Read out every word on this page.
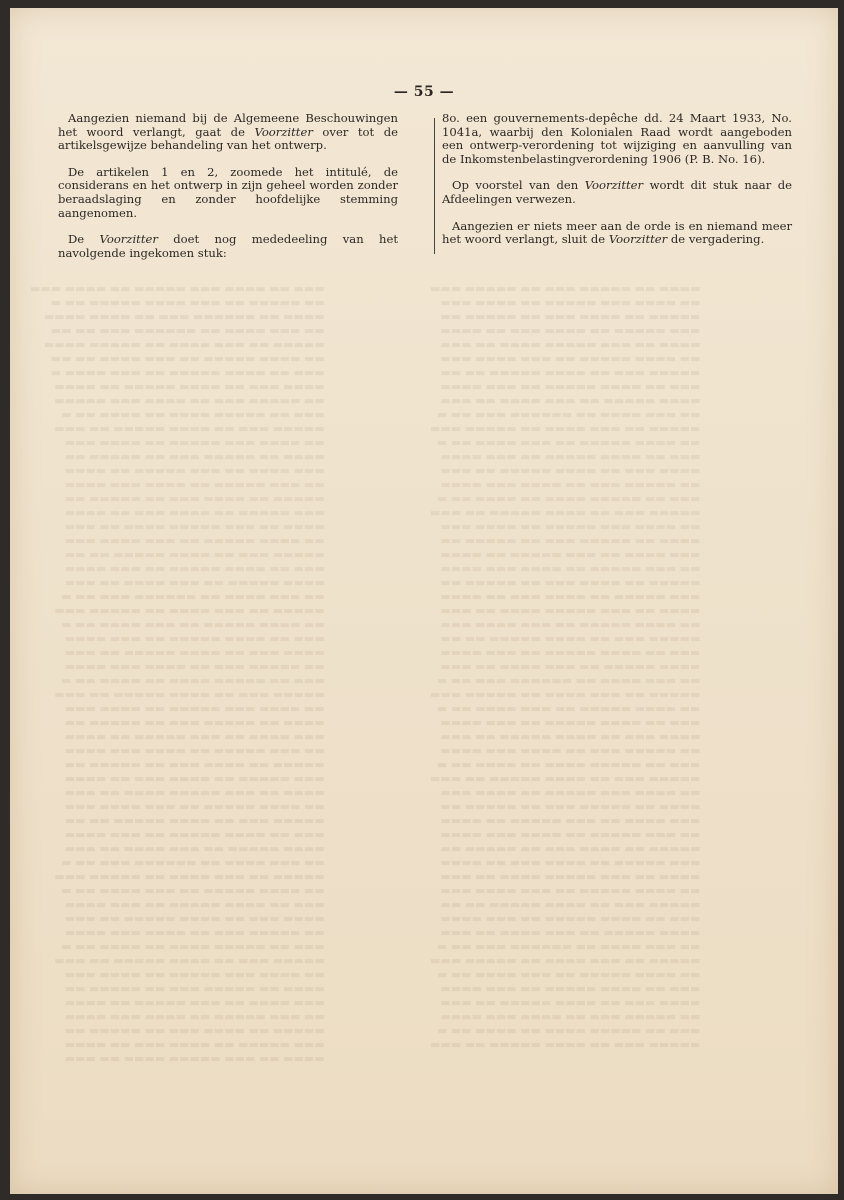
▬▬▬ ▬▬ ▬▬▬▬ ▬▬▬ ▬▬▬▬▬ ▬▬ ▬▬▬▬ ▬▬▬
▬▬ ▬▬▬▬▬ ▬▬ ▬▬▬ ▬▬▬▬ ▬▬▬▬▬ ▬▬ ▬
▬▬▬▬ ▬▬ ▬▬▬▬▬▬ ▬▬▬ ▬▬ ▬▬▬▬ ▬▬▬▬
▬▬ ▬▬▬ ▬▬▬▬ ▬▬ ▬▬▬▬▬▬ ▬▬▬ ▬▬ ▬▬
▬▬▬▬▬ ▬▬ ▬▬▬ ▬▬▬▬ ▬▬ ▬▬▬▬▬ ▬▬▬▬
▬▬ ▬▬▬▬ ▬▬▬▬▬ ▬▬ ▬▬▬ ▬▬▬▬ ▬▬ ▬▬
▬▬▬ ▬▬ ▬▬▬▬ ▬▬▬▬▬ ▬▬ ▬▬▬ ▬▬▬▬ ▬
▬▬▬▬ ▬▬▬ ▬▬ ▬▬▬▬ ▬▬▬▬▬ ▬▬ ▬▬▬▬
▬▬ ▬▬▬▬▬ ▬▬▬ ▬▬ ▬▬▬▬ ▬▬▬ ▬▬▬▬▬
▬▬▬ ▬▬ ▬▬▬▬▬ ▬▬▬▬ ▬▬ ▬▬▬▬ ▬▬ ▬
▬▬▬▬▬ ▬▬▬ ▬▬ ▬▬▬▬ ▬▬▬▬▬ ▬▬ ▬▬▬
▬▬ ▬▬▬▬ ▬▬▬ ▬▬▬▬▬ ▬▬ ▬▬▬▬ ▬▬▬
▬▬▬▬ ▬▬ ▬▬▬▬▬ ▬▬▬ ▬▬ ▬▬▬▬▬ ▬▬
▬▬▬ ▬▬▬▬ ▬▬ ▬▬▬ ▬▬▬▬▬ ▬▬ ▬▬▬▬
▬▬ ▬▬▬ ▬▬▬▬▬ ▬▬ ▬▬▬▬ ▬▬▬ ▬▬▬▬
▬▬▬▬▬ ▬▬ ▬▬▬▬ ▬▬▬ ▬▬ ▬▬▬▬▬ ▬▬
▬▬▬ ▬▬▬▬▬ ▬▬ ▬▬▬▬ ▬▬▬ ▬▬ ▬▬▬▬
▬▬▬▬ ▬▬ ▬▬▬ ▬▬▬▬▬ ▬▬▬▬ ▬▬ ▬▬▬
▬▬ ▬▬▬▬ ▬▬▬▬▬ ▬▬ ▬▬▬ ▬▬▬▬ ▬▬▬
▬▬▬▬▬ ▬▬▬ ▬▬ ▬▬▬▬ ▬▬▬▬▬ ▬▬ ▬▬
▬▬▬ ▬▬ ▬▬▬▬ ▬▬▬▬▬ ▬▬ ▬▬▬ ▬▬▬▬
▬▬▬▬ ▬▬▬▬▬ ▬▬ ▬▬▬ ▬▬▬▬ ▬▬ ▬▬▬
▬▬ ▬▬▬ ▬▬▬▬ ▬▬ ▬▬▬▬▬▬ ▬▬▬ ▬▬ ▬
▬▬▬▬▬ ▬▬ ▬▬▬ ▬▬▬▬ ▬▬ ▬▬▬▬▬ ▬▬▬
▬▬ ▬▬▬▬ ▬▬▬▬▬ ▬▬ ▬▬▬ ▬▬▬▬ ▬▬ ▬
▬▬▬ ▬▬ ▬▬▬▬ ▬▬▬▬▬ ▬▬ ▬▬▬ ▬▬▬▬
▬▬▬▬ ▬▬▬ ▬▬ ▬▬▬▬ ▬▬▬▬▬ ▬▬ ▬▬▬
▬▬ ▬▬▬▬▬ ▬▬▬ ▬▬ ▬▬▬▬ ▬▬▬ ▬▬▬▬
▬▬▬ ▬▬ ▬▬▬▬▬ ▬▬▬▬ ▬▬ ▬▬▬▬ ▬▬ ▬
▬▬▬▬▬ ▬▬▬ ▬▬ ▬▬▬▬ ▬▬▬▬▬ ▬▬ ▬▬▬
▬▬ ▬▬▬▬ ▬▬▬ ▬▬▬▬▬ ▬▬ ▬▬▬▬ ▬▬▬
▬▬▬▬ ▬▬ ▬▬▬▬▬ ▬▬▬ ▬▬ ▬▬▬▬▬ ▬▬
▬▬▬ ▬▬▬▬ ▬▬ ▬▬▬ ▬▬▬▬▬ ▬▬ ▬▬▬▬
▬▬ ▬▬▬ ▬▬▬▬▬ ▬▬ ▬▬▬▬ ▬▬▬ ▬▬▬▬
▬▬▬▬▬ ▬▬ ▬▬▬▬ ▬▬▬ ▬▬ ▬▬▬▬▬ ▬▬
▬▬▬ ▬▬▬▬▬ ▬▬ ▬▬▬▬ ▬▬▬ ▬▬ ▬▬▬▬
▬▬▬▬ ▬▬ ▬▬▬ ▬▬▬▬▬ ▬▬▬▬ ▬▬ ▬▬▬
▬▬ ▬▬▬▬ ▬▬▬▬▬ ▬▬ ▬▬▬ ▬▬▬▬ ▬▬▬
▬▬▬▬▬ ▬▬▬ ▬▬ ▬▬▬▬ ▬▬▬▬▬ ▬▬ ▬▬
▬▬▬ ▬▬ ▬▬▬▬ ▬▬▬▬▬ ▬▬ ▬▬▬ ▬▬▬▬
▬▬▬▬ ▬▬▬▬▬ ▬▬ ▬▬▬ ▬▬▬▬ ▬▬ ▬▬▬
▬▬ ▬▬▬ ▬▬▬▬ ▬▬ ▬▬▬▬▬▬ ▬▬▬ ▬▬ ▬
▬▬▬▬▬ ▬▬ ▬▬▬ ▬▬▬▬ ▬▬ ▬▬▬▬▬ ▬▬▬
▬▬ ▬▬▬▬ ▬▬▬▬▬ ▬▬ ▬▬▬ ▬▬▬▬ ▬▬ ▬
▬▬▬ ▬▬ ▬▬▬▬ ▬▬▬▬▬ ▬▬ ▬▬▬ ▬▬▬▬
▬▬▬▬ ▬▬▬ ▬▬ ▬▬▬▬ ▬▬▬▬▬ ▬▬ ▬▬▬
▬▬ ▬▬▬▬▬ ▬▬▬ ▬▬ ▬▬▬▬ ▬▬▬ ▬▬▬▬
▬▬▬ ▬▬ ▬▬▬▬▬ ▬▬▬▬ ▬▬ ▬▬▬▬ ▬▬ ▬
▬▬▬▬▬ ▬▬▬ ▬▬ ▬▬▬▬ ▬▬▬▬▬ ▬▬ ▬▬▬
▬▬ ▬▬▬▬ ▬▬▬ ▬▬▬▬▬ ▬▬ ▬▬▬▬ ▬▬▬
▬▬▬▬ ▬▬ ▬▬▬▬▬ ▬▬▬ ▬▬ ▬▬▬▬▬ ▬▬
▬▬▬ ▬▬▬▬ ▬▬ ▬▬▬ ▬▬▬▬▬ ▬▬ ▬▬▬▬
▬▬ ▬▬▬ ▬▬▬▬▬ ▬▬ ▬▬▬▬ ▬▬▬ ▬▬▬▬
▬▬▬▬▬ ▬▬ ▬▬▬▬ ▬▬▬ ▬▬ ▬▬▬▬▬ ▬▬
▬▬▬ ▬▬▬▬▬ ▬▬ ▬▬▬▬ ▬▬▬ ▬▬ ▬▬▬▬
▬▬▬▬ ▬▬ ▬▬▬ ▬▬▬▬▬ ▬▬▬▬ ▬▬ ▬▬▬

▬▬▬▬ ▬▬ ▬▬▬▬▬ ▬▬▬ ▬▬ ▬▬▬▬▬ ▬▬▬
▬▬ ▬▬▬▬ ▬▬▬ ▬▬▬▬▬ ▬▬ ▬▬▬▬ ▬▬▬
▬▬▬▬▬ ▬▬ ▬▬▬▬ ▬▬▬ ▬▬ ▬▬▬▬▬ ▬▬
▬▬▬ ▬▬▬▬▬ ▬▬ ▬▬▬▬ ▬▬▬ ▬▬ ▬▬▬▬
▬▬▬▬ ▬▬ ▬▬▬ ▬▬▬▬▬ ▬▬▬▬ ▬▬ ▬▬▬
▬▬ ▬▬▬▬ ▬▬▬▬▬ ▬▬ ▬▬▬ ▬▬▬▬ ▬▬▬
▬▬▬▬▬ ▬▬▬ ▬▬ ▬▬▬▬ ▬▬▬▬▬ ▬▬ ▬▬
▬▬▬ ▬▬ ▬▬▬▬ ▬▬▬▬▬ ▬▬ ▬▬▬ ▬▬▬▬
▬▬▬▬ ▬▬▬▬▬ ▬▬ ▬▬▬ ▬▬▬▬ ▬▬ ▬▬▬
▬▬ ▬▬▬ ▬▬▬▬ ▬▬ ▬▬▬▬▬▬ ▬▬▬ ▬▬ ▬
▬▬▬▬▬ ▬▬ ▬▬▬ ▬▬▬▬ ▬▬ ▬▬▬▬▬ ▬▬▬
▬▬ ▬▬▬▬ ▬▬▬▬▬ ▬▬ ▬▬▬ ▬▬▬▬ ▬▬ ▬
▬▬▬ ▬▬ ▬▬▬▬ ▬▬▬▬▬ ▬▬ ▬▬▬ ▬▬▬▬
▬▬▬▬ ▬▬▬ ▬▬ ▬▬▬▬ ▬▬▬▬▬ ▬▬ ▬▬▬
▬▬ ▬▬▬▬▬ ▬▬▬ ▬▬ ▬▬▬▬ ▬▬▬ ▬▬▬▬
▬▬▬ ▬▬ ▬▬▬▬▬ ▬▬▬▬ ▬▬ ▬▬▬▬ ▬▬ ▬
▬▬▬▬▬ ▬▬▬ ▬▬ ▬▬▬▬ ▬▬▬▬▬ ▬▬ ▬▬▬
▬▬ ▬▬▬▬ ▬▬▬ ▬▬▬▬▬ ▬▬ ▬▬▬▬ ▬▬▬
▬▬▬▬ ▬▬ ▬▬▬▬▬ ▬▬▬ ▬▬ ▬▬▬▬▬ ▬▬
▬▬▬ ▬▬▬▬ ▬▬ ▬▬▬ ▬▬▬▬▬ ▬▬ ▬▬▬▬
▬▬ ▬▬▬ ▬▬▬▬▬ ▬▬ ▬▬▬▬ ▬▬▬ ▬▬▬▬
▬▬▬▬▬ ▬▬ ▬▬▬▬ ▬▬▬ ▬▬ ▬▬▬▬▬ ▬▬
▬▬▬ ▬▬▬▬▬ ▬▬ ▬▬▬▬ ▬▬▬ ▬▬ ▬▬▬▬
▬▬▬▬ ▬▬ ▬▬▬ ▬▬▬▬▬ ▬▬▬▬ ▬▬ ▬▬▬
▬▬ ▬▬▬▬ ▬▬▬▬▬ ▬▬ ▬▬▬ ▬▬▬▬ ▬▬▬
▬▬▬▬▬ ▬▬▬ ▬▬ ▬▬▬▬ ▬▬▬▬▬ ▬▬ ▬▬
▬▬▬ ▬▬ ▬▬▬▬ ▬▬▬▬▬ ▬▬ ▬▬▬ ▬▬▬▬
▬▬▬▬ ▬▬▬▬▬ ▬▬ ▬▬▬ ▬▬▬▬ ▬▬ ▬▬▬
▬▬ ▬▬▬ ▬▬▬▬ ▬▬ ▬▬▬▬▬▬ ▬▬▬ ▬▬ ▬
▬▬▬▬▬ ▬▬ ▬▬▬ ▬▬▬▬ ▬▬ ▬▬▬▬▬ ▬▬▬
▬▬ ▬▬▬▬ ▬▬▬▬▬ ▬▬ ▬▬▬ ▬▬▬▬ ▬▬ ▬
▬▬▬ ▬▬ ▬▬▬▬ ▬▬▬▬▬ ▬▬ ▬▬▬ ▬▬▬▬
▬▬▬▬ ▬▬▬ ▬▬ ▬▬▬▬ ▬▬▬▬▬ ▬▬ ▬▬▬
▬▬ ▬▬▬▬▬ ▬▬▬ ▬▬ ▬▬▬▬ ▬▬▬ ▬▬▬▬
▬▬▬ ▬▬ ▬▬▬▬▬ ▬▬▬▬ ▬▬ ▬▬▬▬ ▬▬ ▬
▬▬▬▬▬ ▬▬▬ ▬▬ ▬▬▬▬ ▬▬▬▬▬ ▬▬ ▬▬▬
▬▬ ▬▬▬▬ ▬▬▬ ▬▬▬▬▬ ▬▬ ▬▬▬▬ ▬▬▬
▬▬▬▬ ▬▬ ▬▬▬▬▬ ▬▬▬ ▬▬ ▬▬▬▬▬ ▬▬
▬▬▬ ▬▬▬▬ ▬▬ ▬▬▬ ▬▬▬▬▬ ▬▬ ▬▬▬▬
▬▬ ▬▬▬ ▬▬▬▬▬ ▬▬ ▬▬▬▬ ▬▬▬ ▬▬▬▬
▬▬▬▬▬ ▬▬ ▬▬▬▬ ▬▬▬ ▬▬ ▬▬▬▬▬ ▬▬
▬▬▬ ▬▬▬▬▬ ▬▬ ▬▬▬▬ ▬▬▬ ▬▬ ▬▬▬▬
▬▬▬▬ ▬▬ ▬▬▬ ▬▬▬▬▬ ▬▬▬▬ ▬▬ ▬▬▬
▬▬ ▬▬▬▬ ▬▬▬▬▬ ▬▬ ▬▬▬ ▬▬▬▬ ▬▬▬
▬▬▬▬▬ ▬▬▬ ▬▬ ▬▬▬▬ ▬▬▬▬▬ ▬▬ ▬▬
▬▬▬ ▬▬ ▬▬▬▬ ▬▬▬▬▬ ▬▬ ▬▬▬ ▬▬▬▬
▬▬▬▬ ▬▬▬▬▬ ▬▬ ▬▬▬ ▬▬▬▬ ▬▬ ▬▬▬
▬▬ ▬▬▬ ▬▬▬▬ ▬▬ ▬▬▬▬▬▬ ▬▬▬ ▬▬ ▬
▬▬▬▬▬ ▬▬ ▬▬▬ ▬▬▬▬ ▬▬ ▬▬▬▬▬ ▬▬▬
▬▬ ▬▬▬▬ ▬▬▬▬▬ ▬▬ ▬▬▬ ▬▬▬▬ ▬▬ ▬
▬▬▬ ▬▬ ▬▬▬▬ ▬▬▬▬▬ ▬▬ ▬▬▬ ▬▬▬▬
▬▬▬▬ ▬▬▬ ▬▬ ▬▬▬▬ ▬▬▬▬▬ ▬▬ ▬▬▬
▬▬ ▬▬▬▬▬ ▬▬▬ ▬▬ ▬▬▬▬ ▬▬▬ ▬▬▬▬
▬▬▬ ▬▬ ▬▬▬▬▬ ▬▬▬▬ ▬▬ ▬▬▬▬ ▬▬ ▬
▬▬▬▬▬ ▬▬▬ ▬▬ ▬▬▬▬ ▬▬▬▬▬ ▬▬ ▬▬▬

— 55 —

Aangezien niemand bij de Algemeene Beschouwingen het woord verlangt, gaat de Voorzitter over tot de artikelsgewijze behandeling van het ontwerp.

De artikelen 1 en 2, zoomede het intitulé, de considerans en het ontwerp in zijn geheel worden zonder beraadslaging en zonder hoofdelijke stemming aangenomen.

De Voorzitter doet nog mededeeling van het navolgende ingekomen stuk:

8o. een gouvernements-depêche dd. 24 Maart 1933, No. 1041a, waarbij den Kolonialen Raad wordt aangeboden een ontwerp-verordening tot wijziging en aanvulling van de Inkomstenbelastingverordening 1906 (P. B. No. 16).

Op voorstel van den Voorzitter wordt dit stuk naar de Afdeelingen verwezen.

Aangezien er niets meer aan de orde is en niemand meer het woord verlangt, sluit de Voorzitter de vergadering.
